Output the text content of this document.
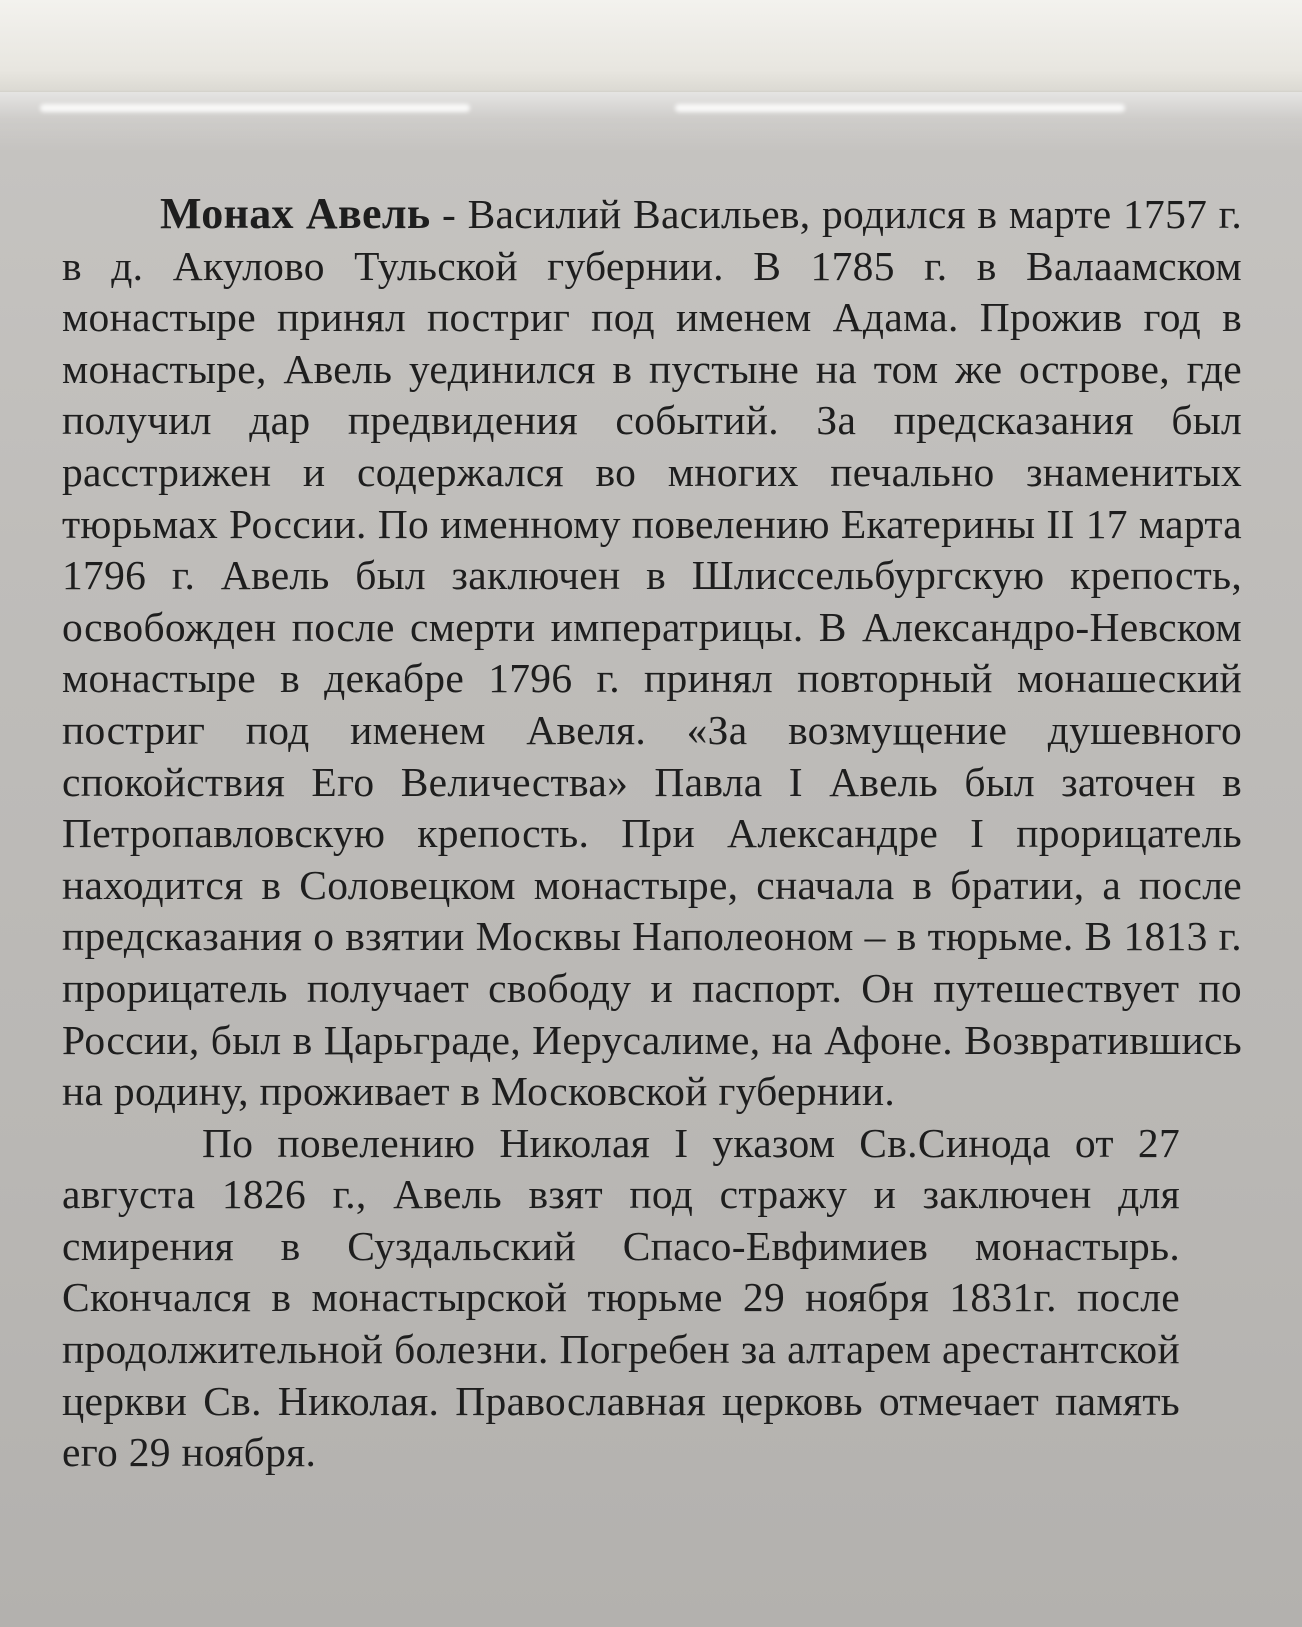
Монах Авель - Василий Васильев, родился в марте 1757 г. в д. Акулово Тульской губернии. В 1785 г. в Валаамском монастыре принял постриг под именем Адама. Прожив год в монастыре, Авель уединился в пустыне на том же острове, где получил дар предвидения событий. За предсказания был расстрижен и содержался во многих печально знаменитых тюрьмах России. По именному повелению Екатерины II 17 марта 1796 г. Авель был заключен в Шлиссельбургскую крепость, освобожден после смерти императрицы. В Александро-Невском монастыре в декабре 1796 г. принял повторный монашеский постриг под именем Авеля. «За возмущение душевного спокойствия Его Величества» Павла I Авель был заточен в Петропавловскую крепость. При Александре I прорицатель находится в Соловецком монастыре, сначала в братии, а после предсказания о взятии Москвы Наполеоном – в тюрьме. В 1813 г. прорицатель получает свободу и паспорт. Он путешествует по России, был в Царьграде, Иерусалиме, на Афоне. Возвратившись на родину, проживает в Московской губернии.
По повелению Николая I указом Св.Синода от 27 августа 1826 г., Авель взят под стражу и заключен для смирения в Суздальский Спасо-Евфимиев монастырь. Скончался в монастырской тюрьме 29 ноября 1831г. после продолжительной болезни. Погребен за алтарем арестантской церкви Св. Николая. Православная церковь отмечает память его 29 ноября.
